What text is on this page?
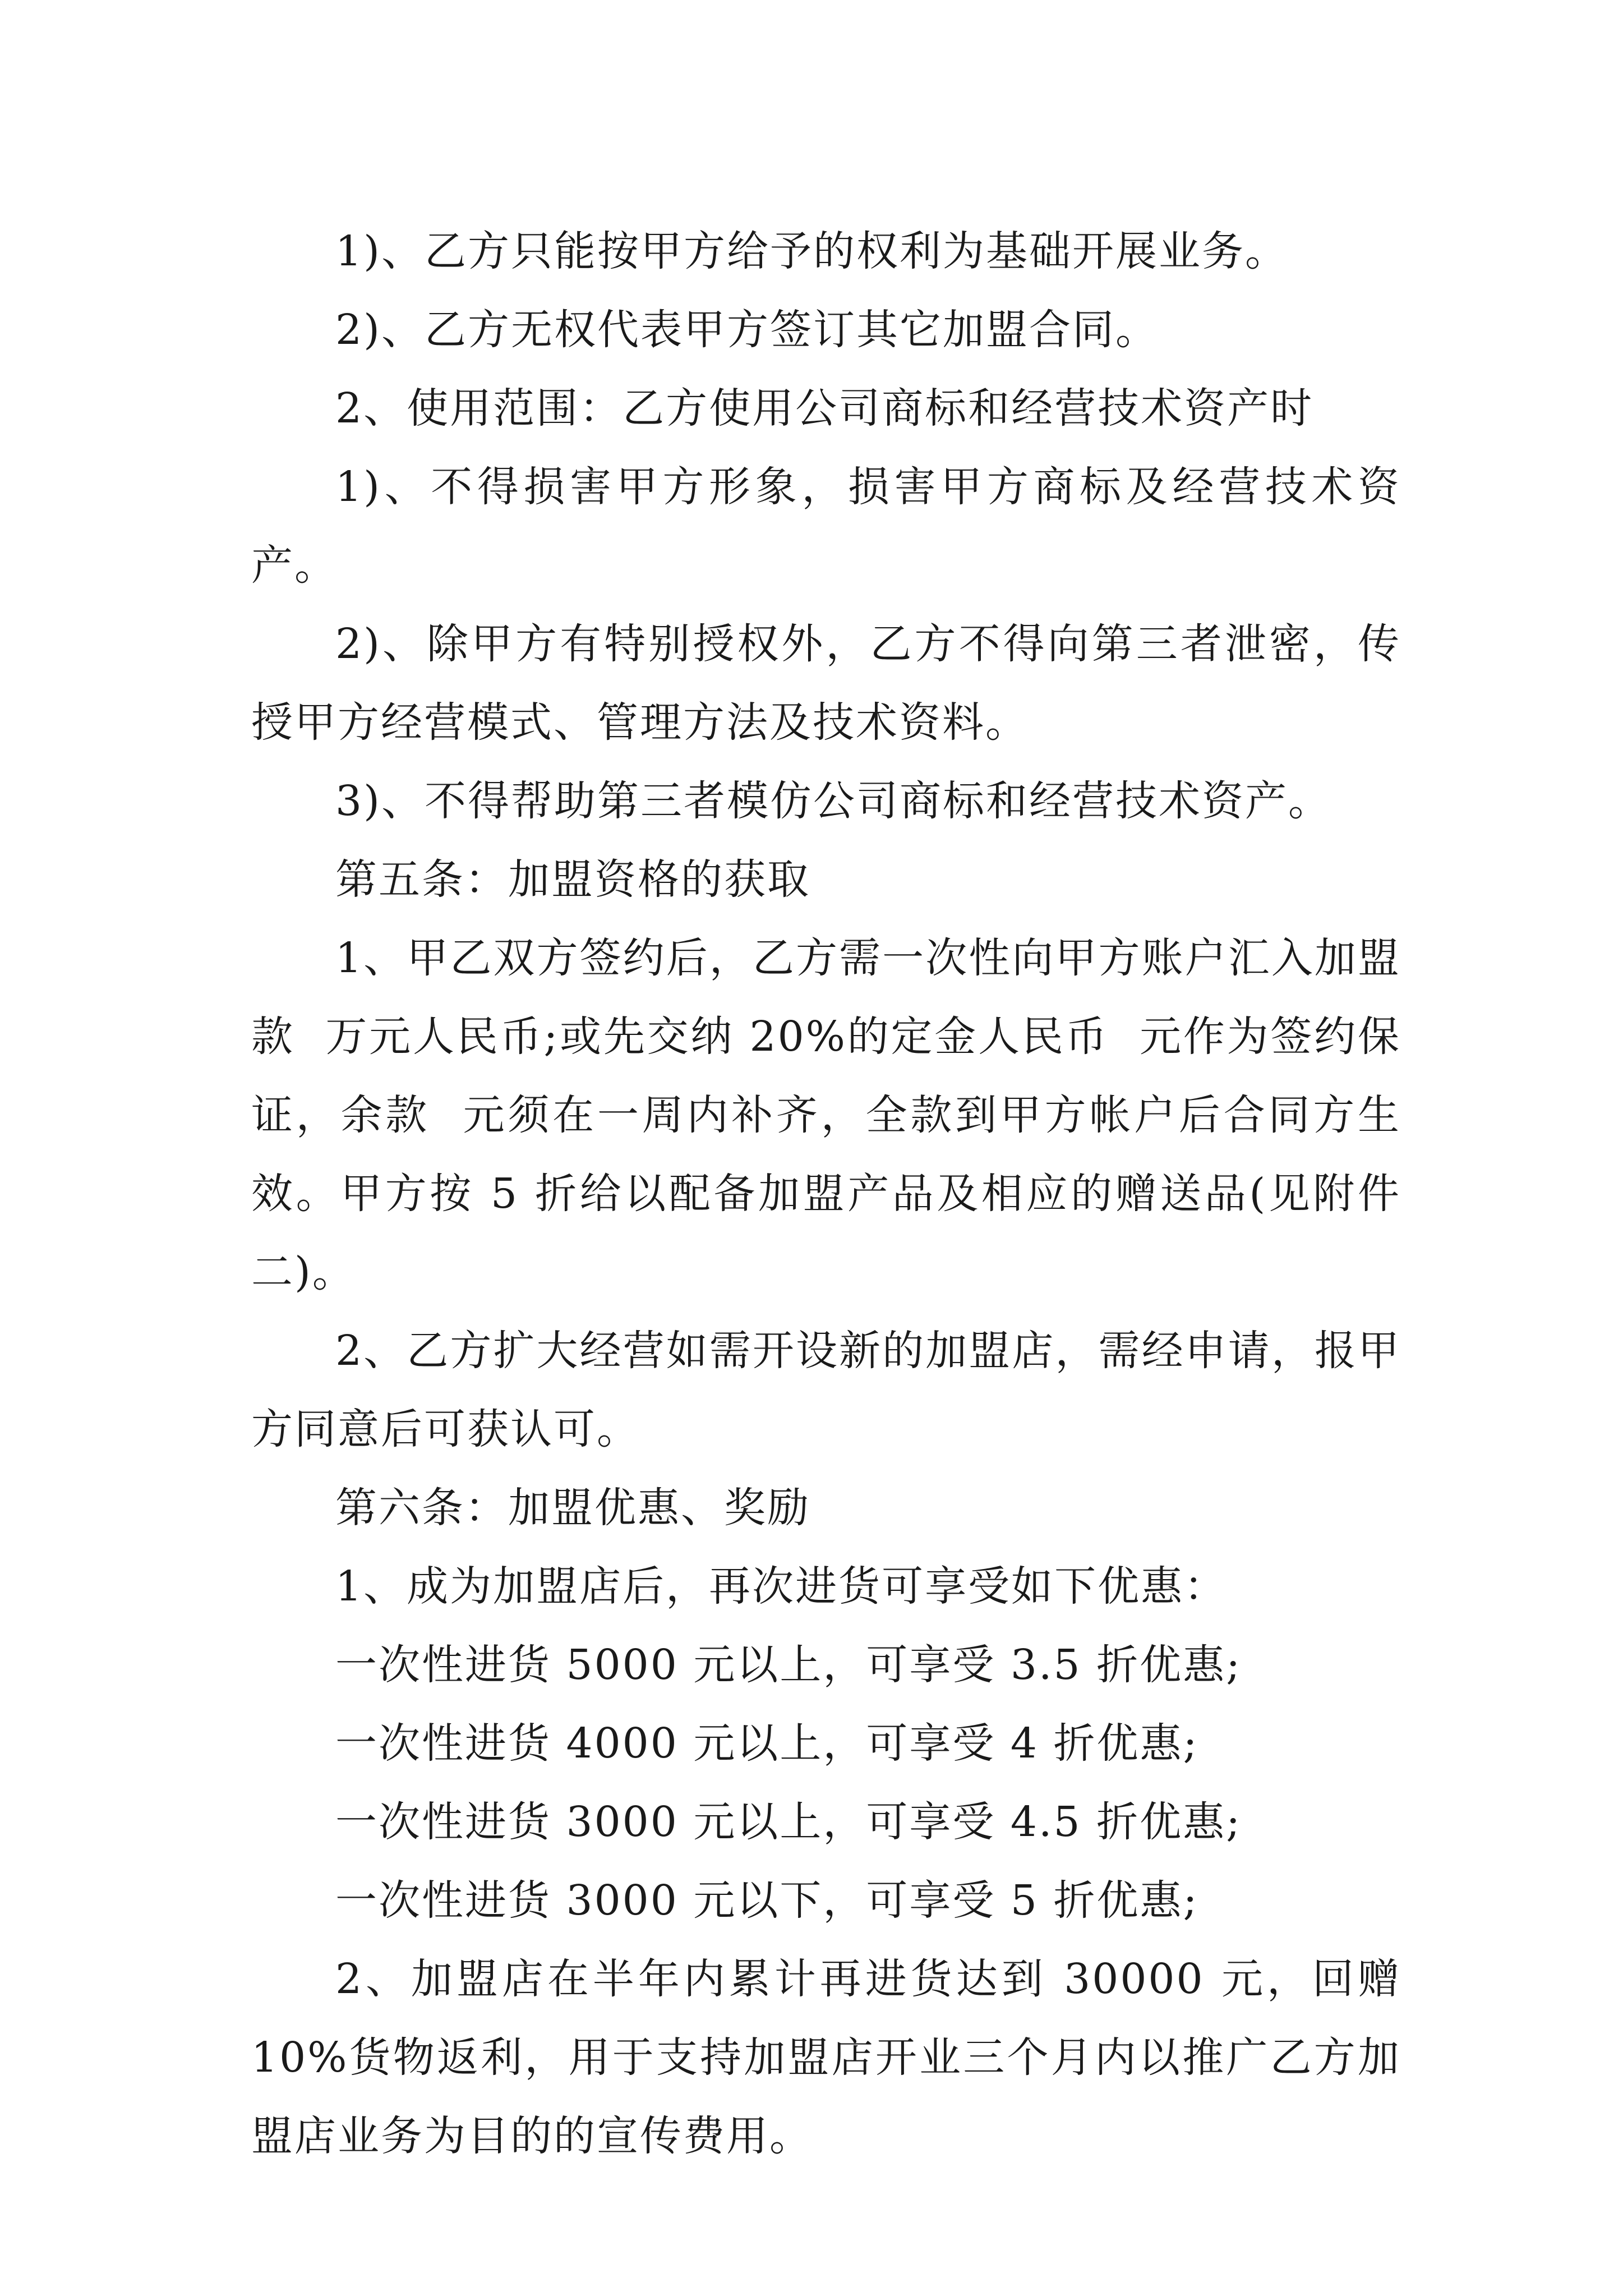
1)、乙方只能按甲方给予的权利为基础开展业务。

2)、乙方无权代表甲方签订其它加盟合同。

2、使用范围：乙方使用公司商标和经营技术资产时

1)、不得损害甲方形象，损害甲方商标及经营技术资产。

2)、除甲方有特别授权外，乙方不得向第三者泄密，传授甲方经营模式、管理方法及技术资料。

3)、不得帮助第三者模仿公司商标和经营技术资产。

第五条：加盟资格的获取

1、甲乙双方签约后，乙方需一次性向甲方账户汇入加盟款  万元人民币;或先交纳 20%的定金人民币  元作为签约保证，余款  元须在一周内补齐，全款到甲方帐户后合同方生效。甲方按 5 折给以配备加盟产品及相应的赠送品(见附件二)。

2、乙方扩大经营如需开设新的加盟店，需经申请，报甲方同意后可获认可。

第六条：加盟优惠、奖励

1、成为加盟店后，再次进货可享受如下优惠：

一次性进货 5000 元以上，可享受 3.5 折优惠;

一次性进货 4000 元以上，可享受 4 折优惠;

一次性进货 3000 元以上，可享受 4.5 折优惠;

一次性进货 3000 元以下，可享受 5 折优惠;

2、加盟店在半年内累计再进货达到 30000 元，回赠 10%货物返利，用于支持加盟店开业三个月内以推广乙方加盟店业务为目的的宣传费用。
